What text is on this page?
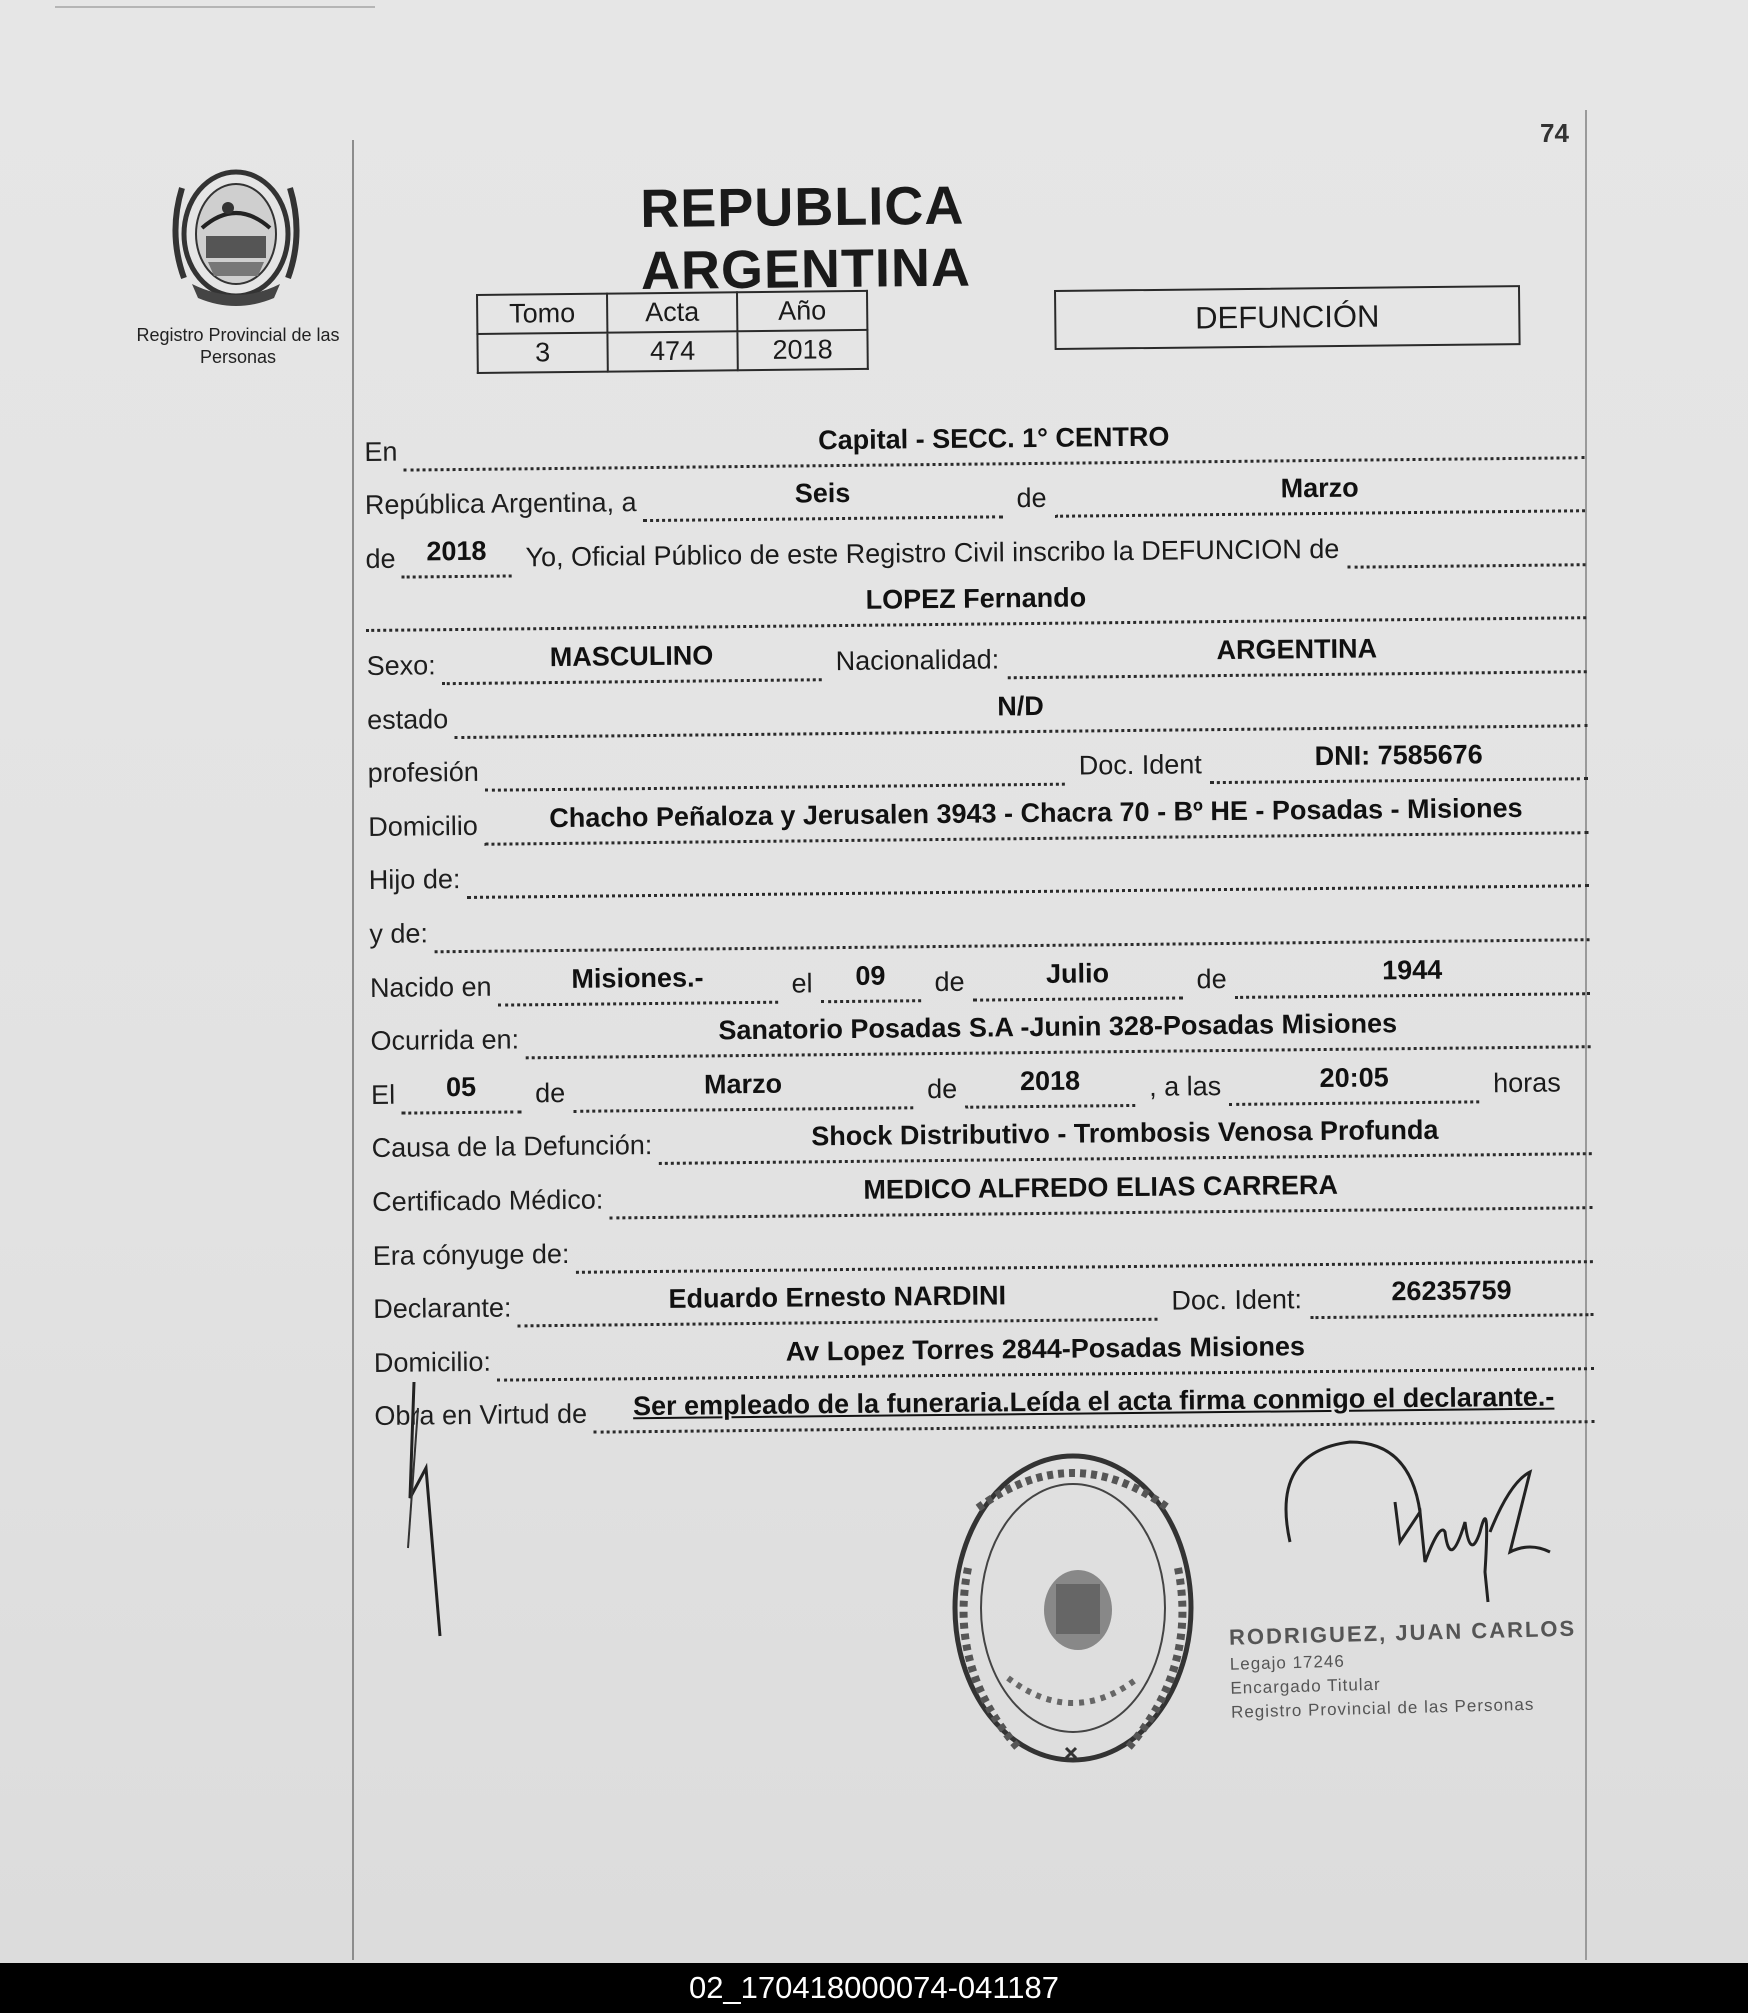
74
Registro Provincial de las Personas
REPUBLICA ARGENTINA
Tomo	Acta	Año
3	474	2018
DEFUNCIÓN
En	Capital - SECC. 1° CENTRO
República Argentina, a	Seis	de	Marzo
de	2018	Yo, Oficial Público de este Registro Civil inscribo la DEFUNCION de
LOPEZ Fernando
Sexo:	MASCULINO	Nacionalidad:	ARGENTINA
estado	N/D
profesión	Doc. Ident	DNI: 7585676
Domicilio	Chacho Peñaloza y Jerusalen 3943 - Chacra 70 - Bº HE - Posadas - Misiones
Hijo de:
y de:
Nacido en	Misiones.-	el	09	de	Julio	de	1944
Ocurrida en:	Sanatorio Posadas S.A -Junin 328-Posadas Misiones
El	05	de	Marzo	de	2018	, a las	20:05	horas
Causa de la Defunción:	Shock Distributivo - Trombosis Venosa Profunda
Certificado Médico:	MEDICO ALFREDO ELIAS CARRERA
Era cónyuge de:
Declarante:	Eduardo Ernesto NARDINI	Doc. Ident:	26235759
Domicilio:	Av Lopez Torres 2844-Posadas Misiones
Obra en Virtud de	Ser empleado de la funeraria.Leída el acta firma conmigo el declarante.-
RODRIGUEZ, JUAN CARLOS
Legajo 17246
Encargado Titular
Registro Provincial de las Personas
02_170418000074-041187
